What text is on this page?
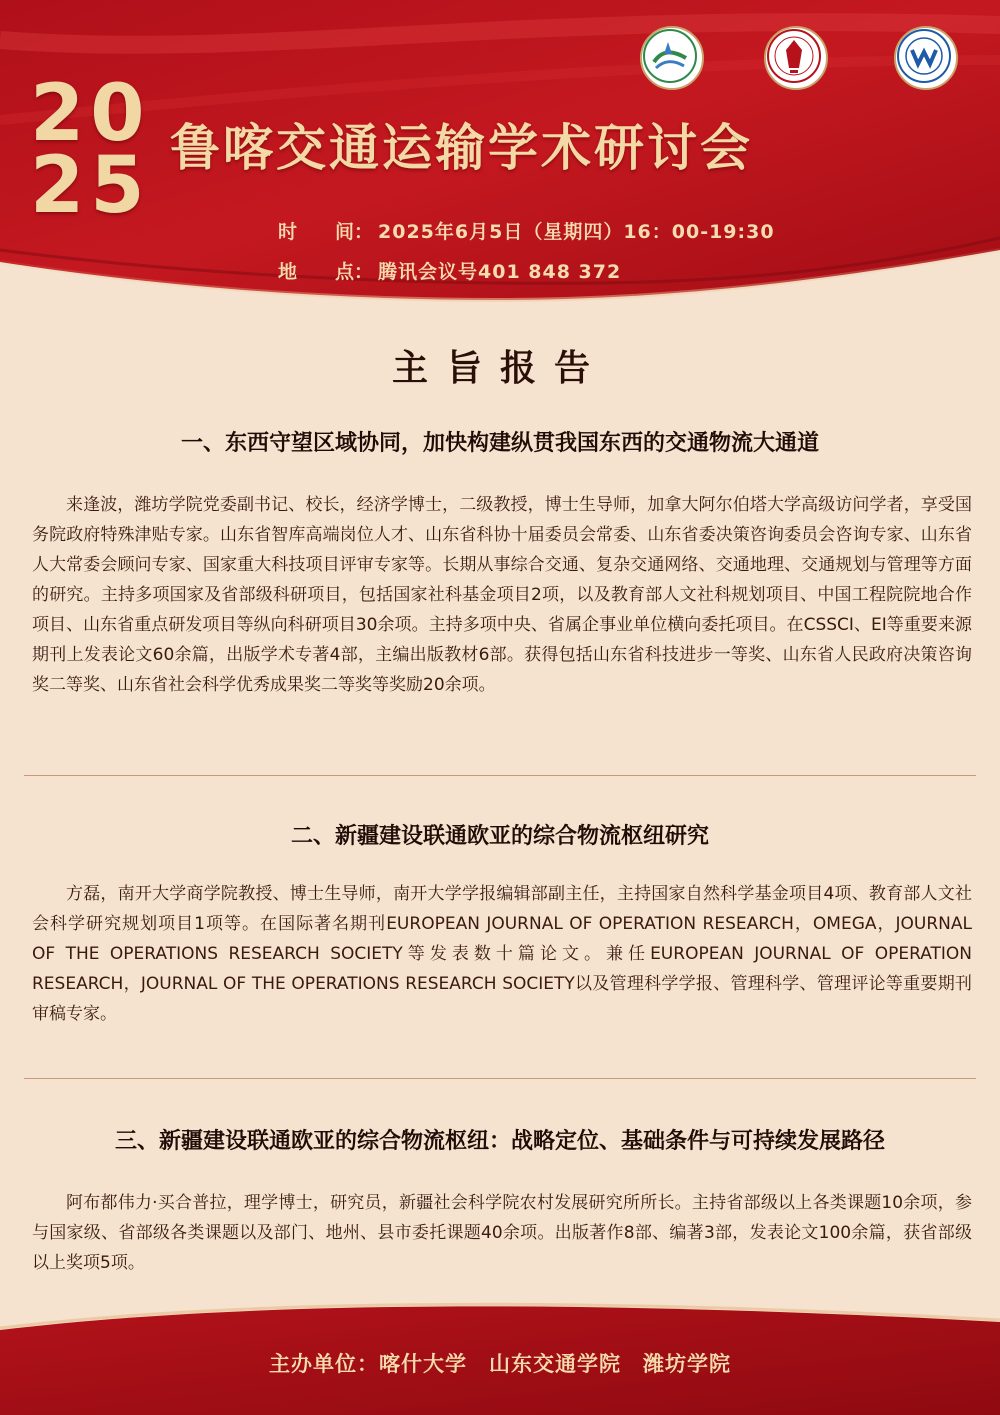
20
25 鲁喀交通运输学术研讨会
时　　间： 2025年6月5日（星期四）16：00-19:30
地　　点： 腾讯会议号401 848 372
主旨报告
一、东西守望区域协同，加快构建纵贯我国东西的交通物流大通道
来逢波，潍坊学院党委副书记、校长，经济学博士，二级教授，博士生导师，加拿大阿尔伯塔大学高级访问学者，享受国务院政府特殊津贴专家。山东省智库高端岗位人才、山东省科协十届委员会常委、山东省委决策咨询委员会咨询专家、山东省人大常委会顾问专家、国家重大科技项目评审专家等。长期从事综合交通、复杂交通网络、交通地理、交通规划与管理等方面的研究。主持多项国家及省部级科研项目，包括国家社科基金项目2项，以及教育部人文社科规划项目、中国工程院院地合作项目、山东省重点研发项目等纵向科研项目30余项。主持多项中央、省属企事业单位横向委托项目。在CSSCI、EI等重要来源期刊上发表论文60余篇，出版学术专著4部，主编出版教材6部。获得包括山东省科技进步一等奖、山东省人民政府决策咨询奖二等奖、山东省社会科学优秀成果奖二等奖等奖励20余项。
二、新疆建设联通欧亚的综合物流枢纽研究
方磊，南开大学商学院教授、博士生导师，南开大学学报编辑部副主任，主持国家自然科学基金项目4项、教育部人文社会科学研究规划项目1项等。在国际著名期刊EUROPEAN JOURNAL OF OPERATION RESEARCH，OMEGA，JOURNAL OF THE OPERATIONS RESEARCH SOCIETY等发表数十篇论文。兼任EUROPEAN JOURNAL OF OPERATION RESEARCH，JOURNAL OF THE OPERATIONS RESEARCH SOCIETY以及管理科学学报、管理科学、管理评论等重要期刊审稿专家。
三、新疆建设联通欧亚的综合物流枢纽：战略定位、基础条件与可持续发展路径
阿布都伟力·买合普拉，理学博士，研究员，新疆社会科学院农村发展研究所所长。主持省部级以上各类课题10余项，参与国家级、省部级各类课题以及部门、地州、县市委托课题40余项。出版著作8部、编著3部，发表论文100余篇，获省部级以上奖项5项。
主办单位：喀什大学　山东交通学院　潍坊学院
